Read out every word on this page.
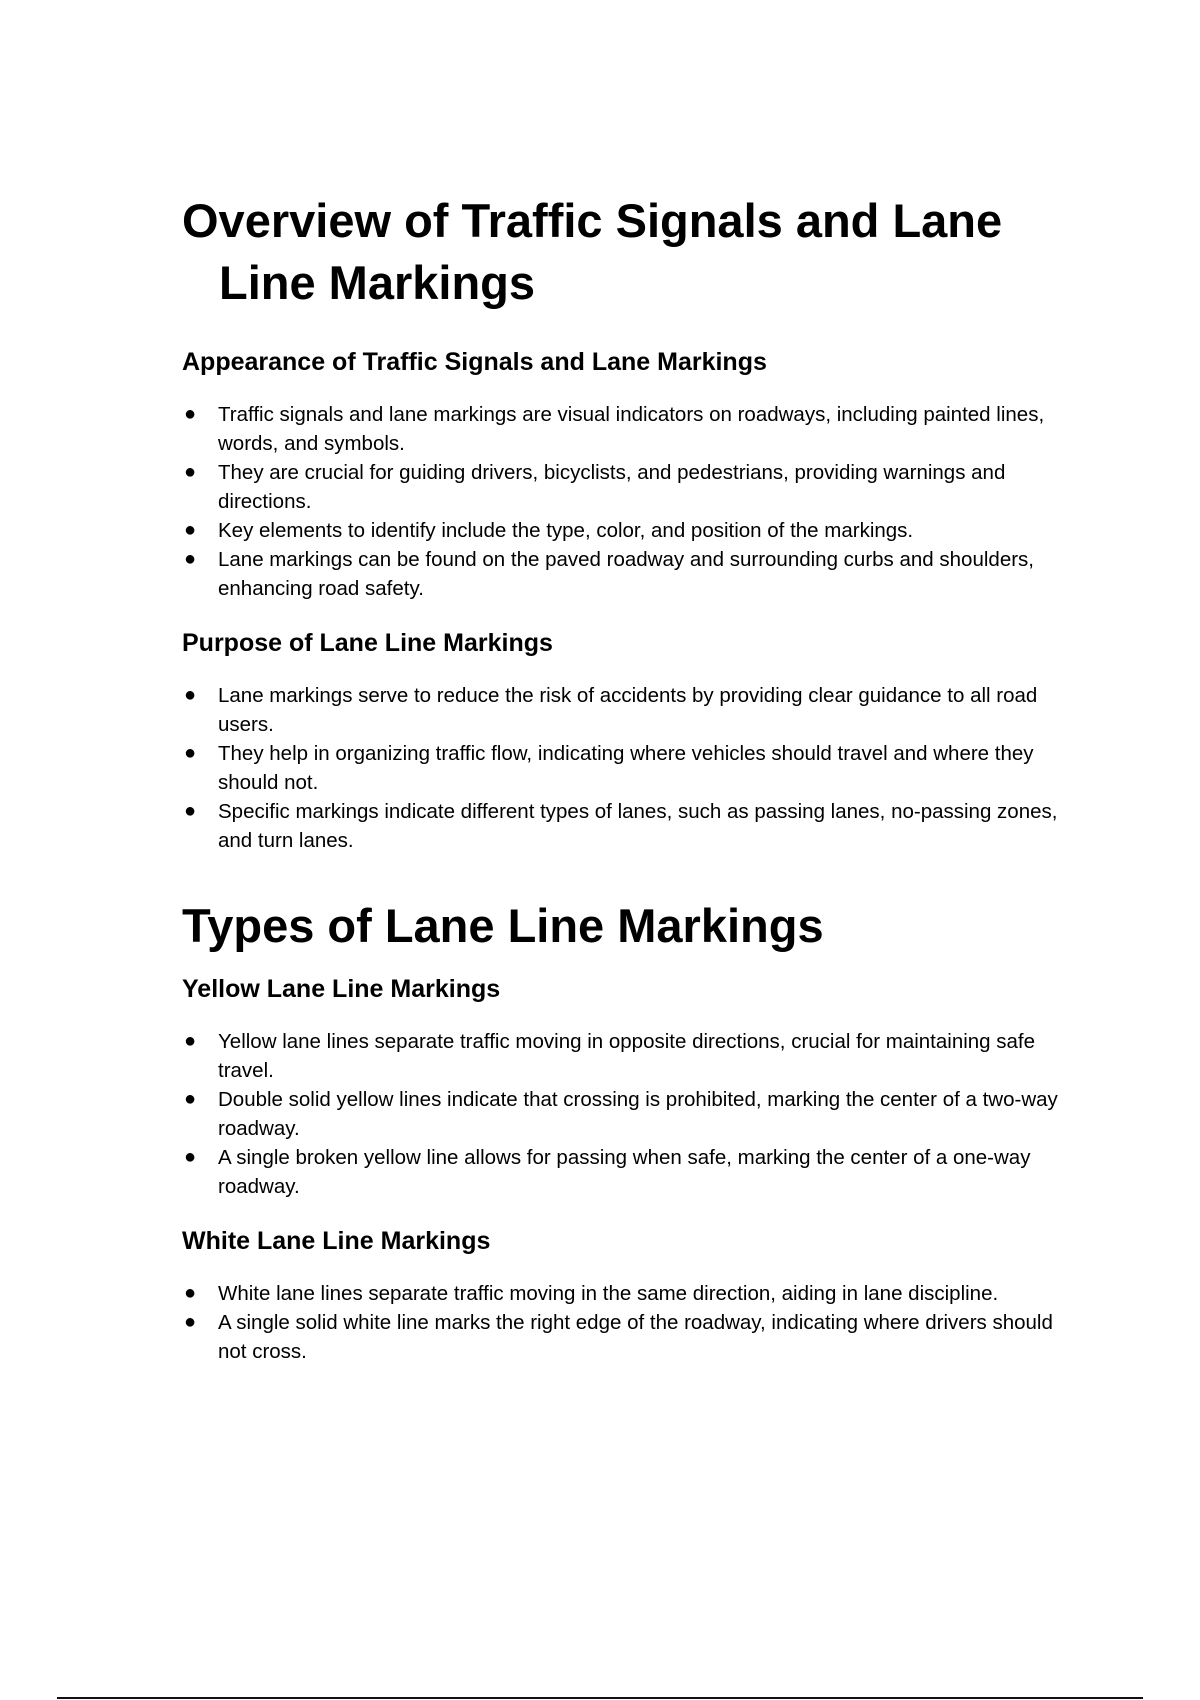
Overview of Traffic Signals and Lane Line Markings
Appearance of Traffic Signals and Lane Markings
● Traffic signals and lane markings are visual indicators on roadways, including painted lines, words, and symbols.
● They are crucial for guiding drivers, bicyclists, and pedestrians, providing warnings and directions.
● Key elements to identify include the type, color, and position of the markings.
● Lane markings can be found on the paved roadway and surrounding curbs and shoulders, enhancing road safety.
Purpose of Lane Line Markings
● Lane markings serve to reduce the risk of accidents by providing clear guidance to all road users.
● They help in organizing traffic flow, indicating where vehicles should travel and where they should not.
● Specific markings indicate different types of lanes, such as passing lanes, no-passing zones, and turn lanes.
Types of Lane Line Markings
Yellow Lane Line Markings
● Yellow lane lines separate traffic moving in opposite directions, crucial for maintaining safe travel.
● Double solid yellow lines indicate that crossing is prohibited, marking the center of a two-way roadway.
● A single broken yellow line allows for passing when safe, marking the center of a one-way roadway.
White Lane Line Markings
● White lane lines separate traffic moving in the same direction, aiding in lane discipline.
● A single solid white line marks the right edge of the roadway, indicating where drivers should not cross.
